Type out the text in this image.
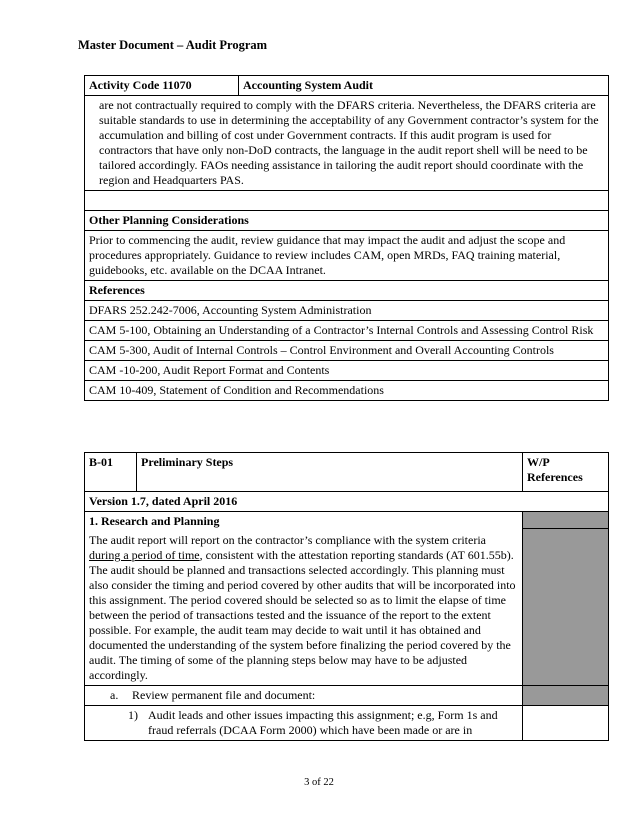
Master Document – Audit Program
Activity Code 11070	Accounting System Audit
are not contractually required to comply with the DFARS criteria. Nevertheless, the DFARS criteria are suitable standards to use in determining the acceptability of any Government contractor’s system for the accumulation and billing of cost under Government contracts. If this audit program is used for contractors that have only non-DoD contracts, the language in the audit report shell will be need to be tailored accordingly. FAOs needing assistance in tailoring the audit report should coordinate with the region and Headquarters PAS.

Other Planning Considerations
Prior to commencing the audit, review guidance that may impact the audit and adjust the scope and procedures appropriately. Guidance to review includes CAM, open MRDs, FAQ training material, guidebooks, etc. available on the DCAA Intranet.
References
DFARS 252.242-7006, Accounting System Administration
CAM 5-100, Obtaining an Understanding of a Contractor’s Internal Controls and Assessing Control Risk
CAM 5-300, Audit of Internal Controls – Control Environment and Overall Accounting Controls
CAM -10-200, Audit Report Format and Contents
CAM 10-409, Statement of Condition and Recommendations
B-01	Preliminary Steps	W/P References
Version 1.7, dated April 2016		

1. Research and Planning
The audit report will report on the contractor’s compliance with the system criteria during a period of time, consistent with the attestation reporting standards (AT 601.55b). The audit should be planned and transactions selected accordingly. This planning must also consider the timing and period covered by other audits that will be incorporated into this assignment. The period covered should be selected so as to limit the elapse of time between the period of transactions tested and the issuance of the report to the extent possible. For example, the audit team may decide to wait until it has obtained and documented the understanding of the system before finalizing the period covered by the audit. The timing of some of the planning steps below may have to be adjusted accordingly.		

a. Review permanent file and document:		

1) Audit leads and other issues impacting this assignment; e.g, Form 1s and fraud referrals (DCAA Form 2000) which have been made or are in		

3 of 22
